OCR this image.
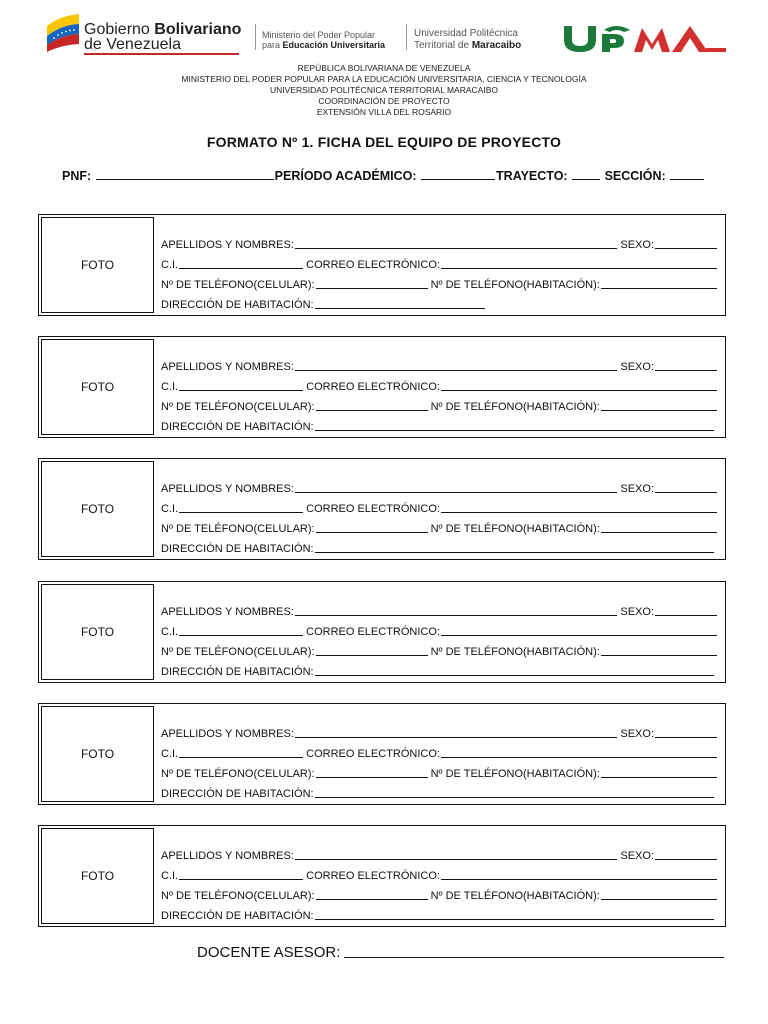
Gobierno Bolivariano
de Venezuela
Ministerio del Poder Popular
para Educación Universitaria
Universidad Politécnica
Territorial de Maracaibo
REPÚBLICA BOLIVARIANA DE VENEZUELA
MINISTERIO DEL PODER POPULAR PARA LA EDUCACIÓN UNIVERSITARIA, CIENCIA Y TECNOLOGÍA
UNIVERSIDAD POLITÉCNICA TERRITORIAL MARACAIBO
COORDINACIÓN DE PROYECTO
EXTENSIÓN VILLA DEL ROSARIO
FORMATO Nº 1. FICHA DEL EQUIPO DE PROYECTO
PNF:	PERÍODO ACADÉMICO:	TRAYECTO:	SECCIÓN:
FOTO
APELLIDOS Y NOMBRES:	SEXO:
C.I.	CORREO ELECTRÓNICO:
Nº DE TELÉFONO(CELULAR):	Nº DE TELÉFONO(HABITACIÓN):
DIRECCIÓN DE HABITACIÓN:
FOTO
APELLIDOS Y NOMBRES:	SEXO:
C.I.	CORREO ELECTRÓNICO:
Nº DE TELÉFONO(CELULAR):	Nº DE TELÉFONO(HABITACIÓN):
DIRECCIÓN DE HABITACIÓN:
FOTO
APELLIDOS Y NOMBRES:	SEXO:
C.I.	CORREO ELECTRÓNICO:
Nº DE TELÉFONO(CELULAR):	Nº DE TELÉFONO(HABITACIÓN):
DIRECCIÓN DE HABITACIÓN:
FOTO
APELLIDOS Y NOMBRES:	SEXO:
C.I.	CORREO ELECTRÓNICO:
Nº DE TELÉFONO(CELULAR):	Nº DE TELÉFONO(HABITACIÓN):
DIRECCIÓN DE HABITACIÓN:
FOTO
APELLIDOS Y NOMBRES:	SEXO:
C.I.	CORREO ELECTRÓNICO:
Nº DE TELÉFONO(CELULAR):	Nº DE TELÉFONO(HABITACIÓN):
DIRECCIÓN DE HABITACIÓN:
FOTO
APELLIDOS Y NOMBRES:	SEXO:
C.I.	CORREO ELECTRÓNICO:
Nº DE TELÉFONO(CELULAR):	Nº DE TELÉFONO(HABITACIÓN):
DIRECCIÓN DE HABITACIÓN:
DOCENTE ASESOR:
